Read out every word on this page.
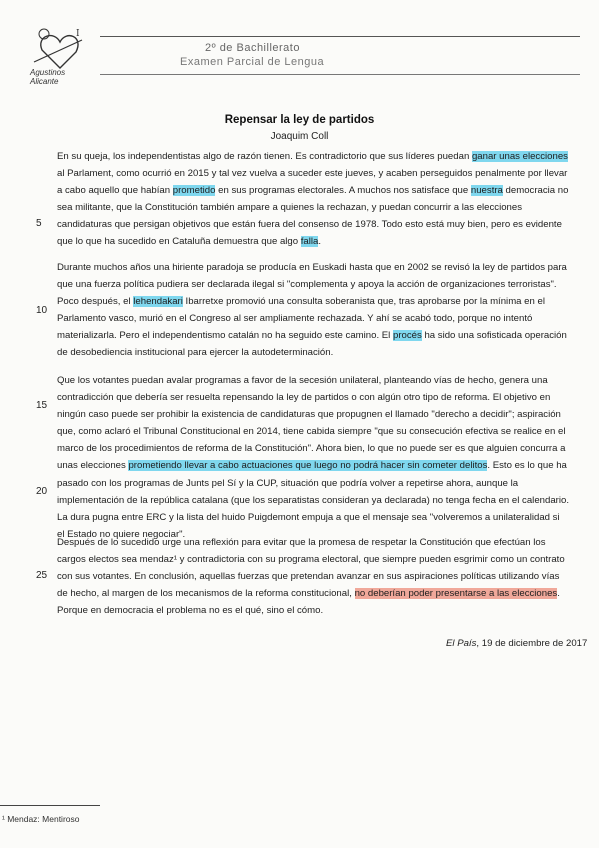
I
Agustinos
Alicante
2º de Bachillerato
Examen Parcial de Lengua
Repensar la ley de partidos
Joaquim Coll
En su queja, los independentistas algo de razón tienen. Es contradictorio que sus líderes puedan ganar unas elecciones al Parlament, como ocurrió en 2015 y tal vez vuelva a suceder este jueves, y acaben perseguidos penalmente por llevar a cabo aquello que habían prometido en sus programas electorales. A muchos nos satisface que nuestra democracia no sea militante, que la Constitución también ampare a quienes la rechazan, y puedan concurrir a las elecciones candidaturas que persigan objetivos que están fuera del consenso de 1978. Todo esto está muy bien, pero es evidente que lo que ha sucedido en Cataluña demuestra que algo falla.
5
Durante muchos años una hiriente paradoja se producía en Euskadi hasta que en 2002 se revisó la ley de partidos para que una fuerza política pudiera ser declarada ilegal si "complementa y apoya la acción de organizaciones terroristas". Poco después, el lehendakari Ibarretxe promovió una consulta soberanista que, tras aprobarse por la mínima en el Parlamento vasco, murió en el Congreso al ser ampliamente rechazada. Y ahí se acabó todo, porque no intentó materializarla. Pero el independentismo catalán no ha seguido este camino. El procés ha sido una sofisticada operación de desobediencia institucional para ejercer la autodeterminación.
10
Que los votantes puedan avalar programas a favor de la secesión unilateral, planteando vías de hecho, genera una contradicción que debería ser resuelta repensando la ley de partidos o con algún otro tipo de reforma. El objetivo en ningún caso puede ser prohibir la existencia de candidaturas que propugnen el llamado "derecho a decidir"; aspiración que, como aclaró el Tribunal Constitucional en 2014, tiene cabida siempre "que su consecución efectiva se realice en el marco de los procedimientos de reforma de la Constitución". Ahora bien, lo que no puede ser es que alguien concurra a unas elecciones prometiendo llevar a cabo actuaciones que luego no podrá hacer sin cometer delitos. Esto es lo que ha pasado con los programas de Junts pel Sí y la CUP, situación que podría volver a repetirse ahora, aunque la implementación de la república catalana (que los separatistas consideran ya declarada) no tenga fecha en el calendario. La dura pugna entre ERC y la lista del huido Puigdemont empuja a que el mensaje sea "volveremos a unilateralidad si el Estado no quiere negociar".
15
20
Después de lo sucedido urge una reflexión para evitar que la promesa de respetar la Constitución que efectúan los cargos electos sea mendaz¹ y contradictoria con su programa electoral, que siempre pueden esgrimir como un contrato con sus votantes. En conclusión, aquellas fuerzas que pretendan avanzar en sus aspiraciones políticas utilizando vías de hecho, al margen de los mecanismos de la reforma constitucional, no deberían poder presentarse a las elecciones. Porque en democracia el problema no es el qué, sino el cómo.
25
El País, 19 de diciembre de 2017
¹ Mendaz: Mentiroso
